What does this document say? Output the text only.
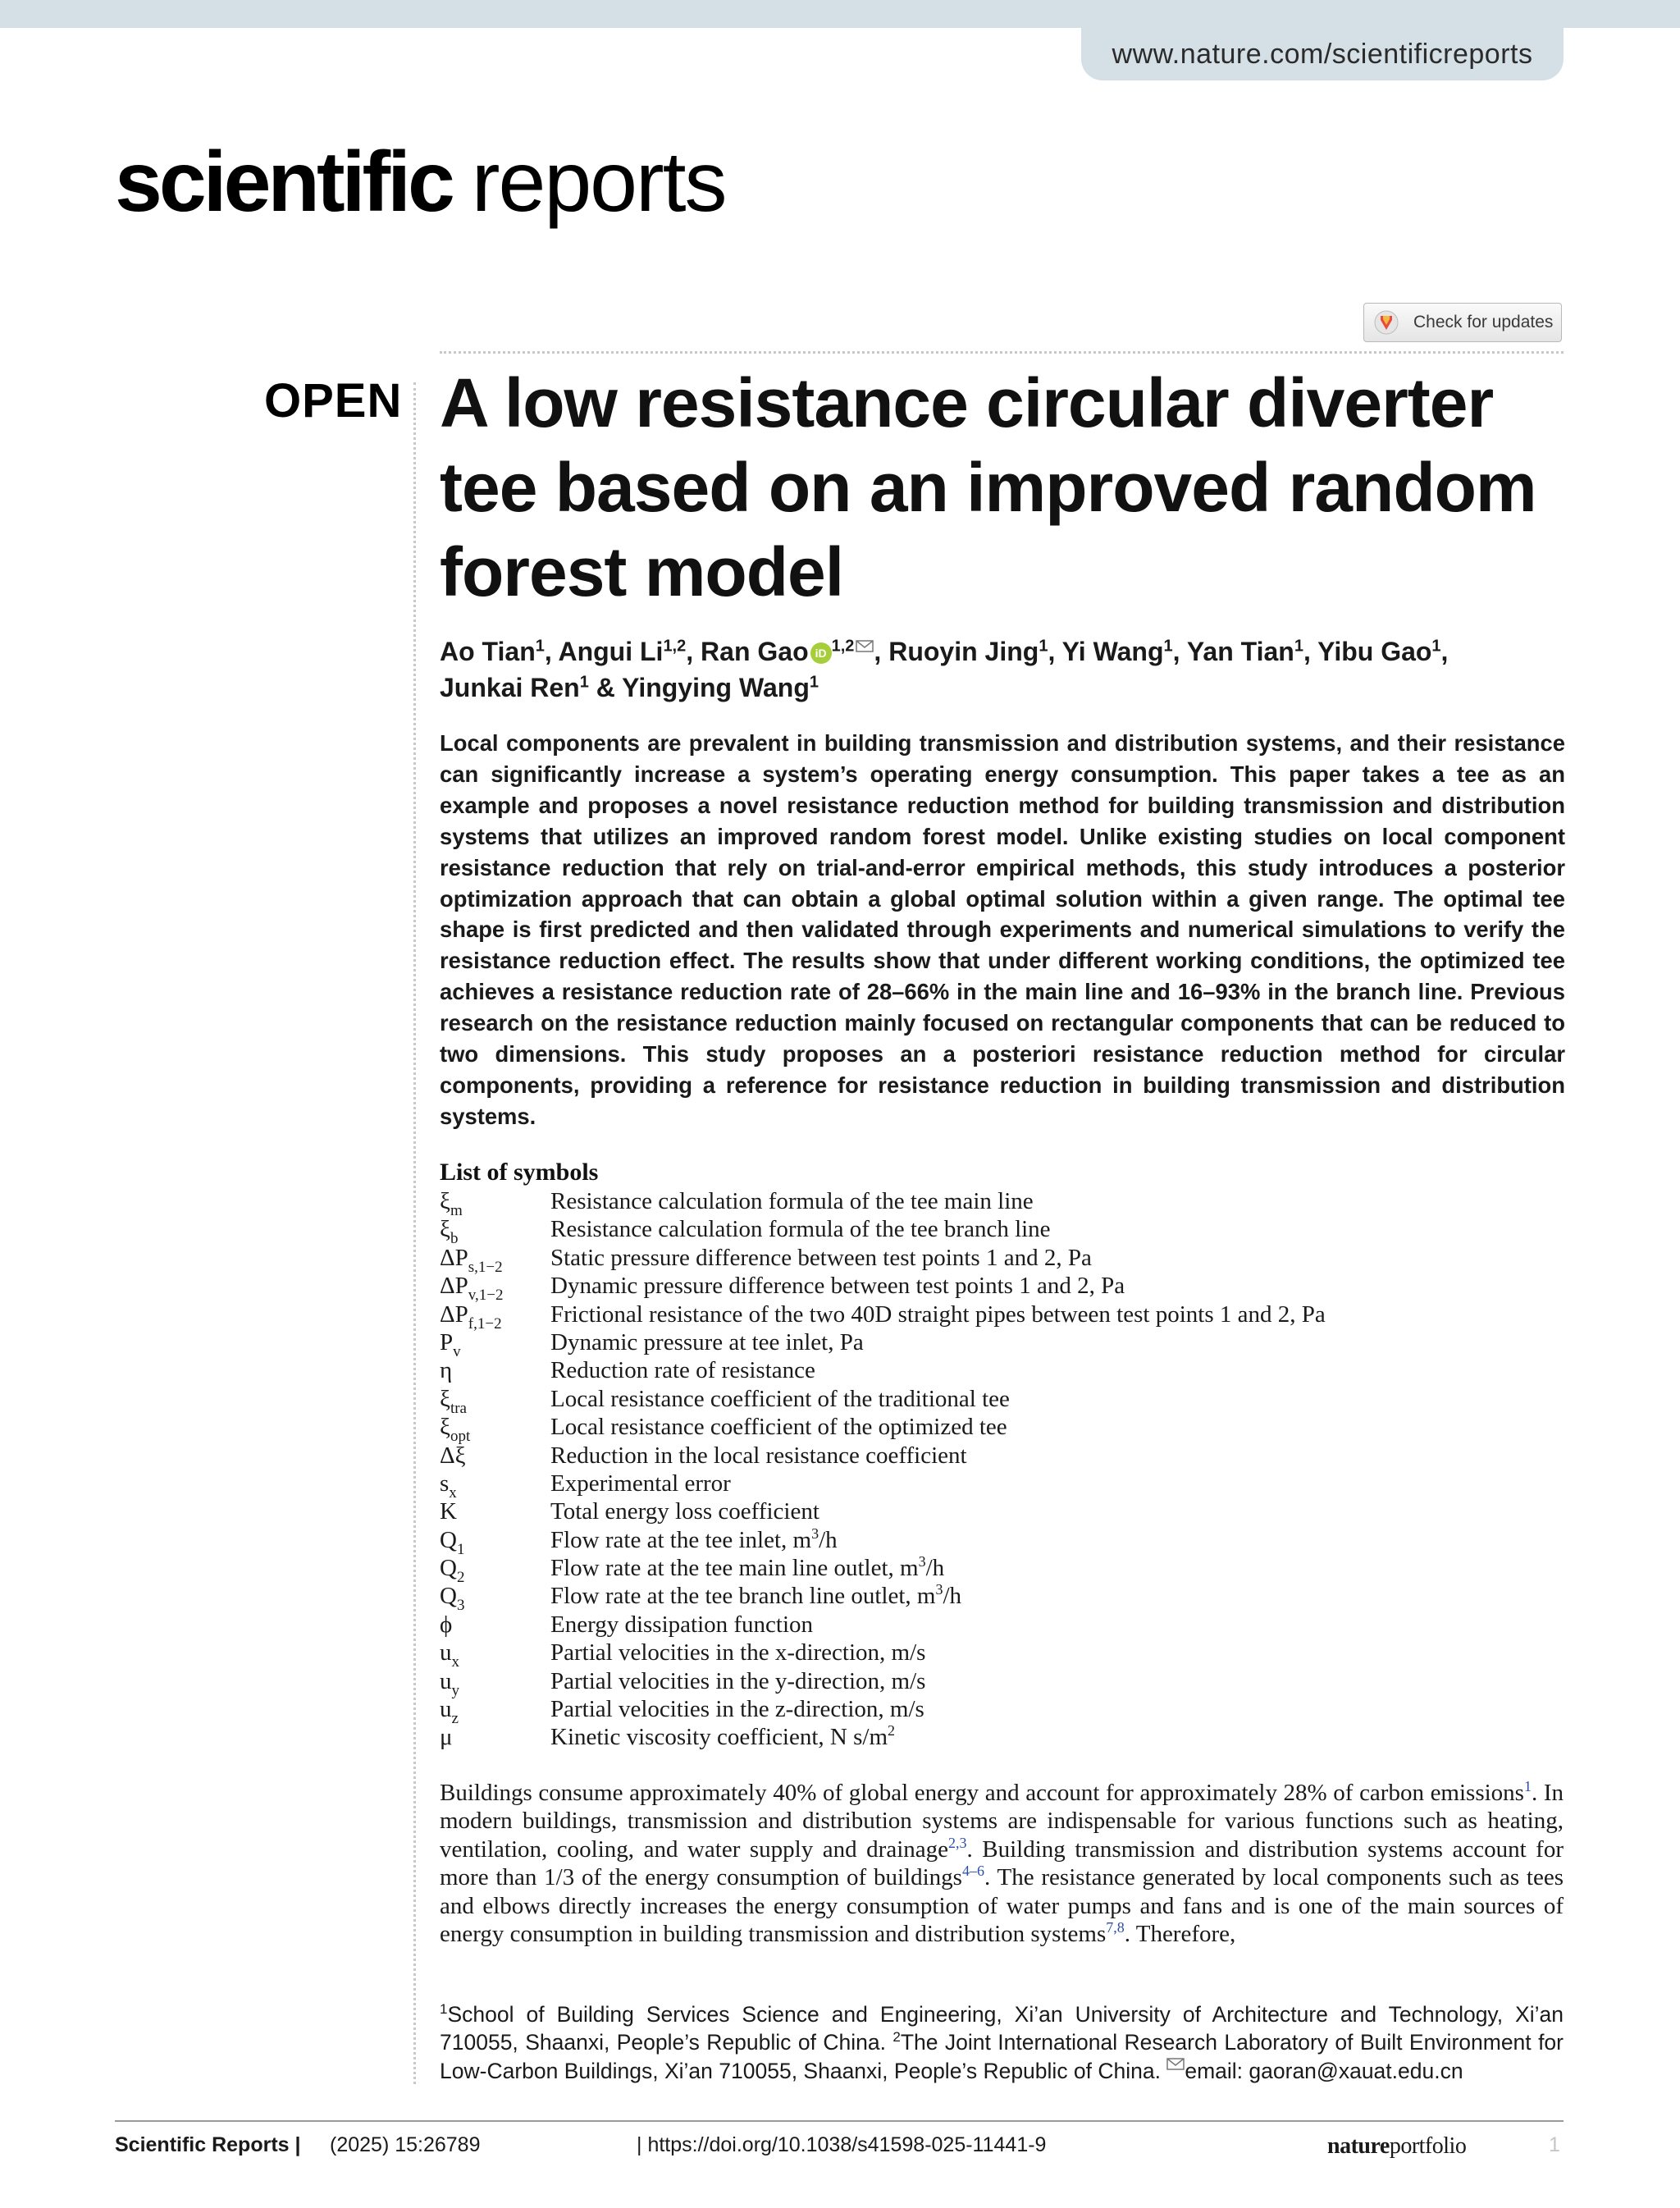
www.nature.com/scientificreports
scientific reports
Check for updates
OPEN A low resistance circular diverter tee based on an improved random forest model
Ao Tian$^1$, Angui Li$^{1,2}$, Ran Gao iD $^{1,2}$ , Ruoyin Jing$^1$, Yi Wang$^1$, Yan Tian$^1$, Yibu Gao$^1$,
Junkai Ren$^1$ & Yingying Wang$^1$

Local components are prevalent in building transmission and distribution systems, and their resistance can significantly increase a system’s operating energy consumption. This paper takes a tee as an example and proposes a novel resistance reduction method for building transmission and distribution systems that utilizes an improved random forest model. Unlike existing studies on local component resistance reduction that rely on trial-and-error empirical methods, this study introduces a posterior optimization approach that can obtain a global optimal solution within a given range. The optimal tee shape is first predicted and then validated through experiments and numerical simulations to verify the resistance reduction effect. The results show that under different working conditions, the optimized tee achieves a resistance reduction rate of 28–66% in the main line and 16–93% in the branch line. Previous research on the resistance reduction mainly focused on rectangular components that can be reduced to two dimensions. This study proposes an a posteriori resistance reduction method for circular components, providing a reference for resistance reduction in building transmission and distribution systems.

List of symbols
$\xi_m$	Resistance calculation formula of the tee main line
$\xi_b$	Resistance calculation formula of the tee branch line
$\Delta P_{s,1-2}$ Static pressure difference between test points 1 and 2, Pa
$\Delta P_{v,1-2}$ Dynamic pressure difference between test points 1 and 2, Pa
$\Delta P_{f,1-2}$ Frictional resistance of the two 40D straight pipes between test points 1 and 2, Pa
$P_v$	Dynamic pressure at tee inlet, Pa
η	Reduction rate of resistance
$\xi_{tra}$	Local resistance coefficient of the traditional tee
$\xi_{opt}$	Local resistance coefficient of the optimized tee
Δξ	Reduction in the local resistance coefficient
$s_x$	Experimental error
K	Total energy loss coefficient
$Q_1$	Flow rate at the tee inlet, $m^3/h$
$Q_2$	Flow rate at the tee main line outlet, $m^3/h$
$Q_3$	Flow rate at the tee branch line outlet, $m^3/h$
ϕ	Energy dissipation function
$u_x$	Partial velocities in the x-direction, m/s
$u_y$	Partial velocities in the y-direction, m/s
$u_z$	Partial velocities in the z-direction, m/s
μ	Kinetic viscosity coefficient, N $s/m^2$

Buildings consume approximately 40% of global energy and account for approximately 28% of carbon emissions$^1$. In modern buildings, transmission and distribution systems are indispensable for various functions such as heating, ventilation, cooling, and water supply and drainage$^{2,3}$. Building transmission and distribution systems account for more than 1/3 of the energy consumption of buildings$^{4-6}$. The resistance generated by local components such as tees and elbows directly increases the energy consumption of water pumps and fans and is one of the main sources of energy consumption in building transmission and distribution systems$^{7,8}$. Therefore,

$^1$School of Building Services Science and Engineering, Xi’an University of Architecture and Technology, Xi’an 710055, Shaanxi, People’s Republic of China. $^2$The Joint International Research Laboratory of Built Environment for Low-Carbon Buildings, Xi’an 710055, Shaanxi, People’s Republic of China. email: gaoran@xauat.edu.cn

Scientific Reports | (2025) 15:26789	| https://doi.org/10.1038/s41598-025-11441-9	natureportfolio	1
